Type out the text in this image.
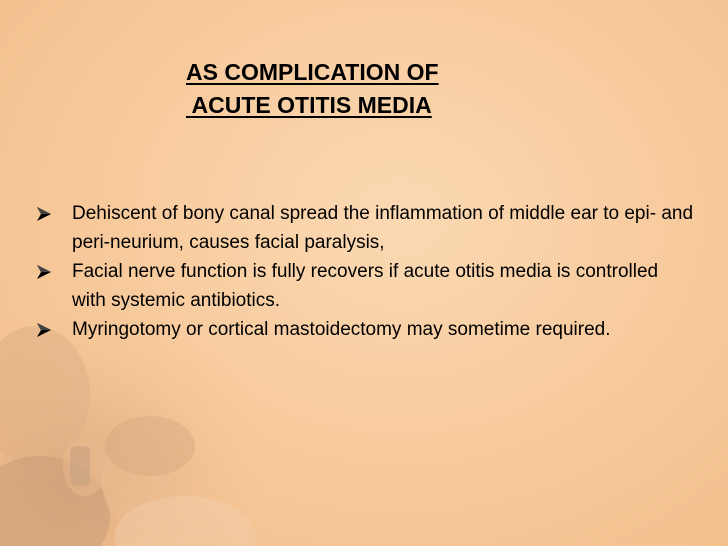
AS COMPLICATION OF
ACUTE OTITIS MEDIA
Dehiscent of bony canal spread the inflammation of middle ear to epi- and peri-neurium, causes facial paralysis,
Facial nerve function is fully recovers if acute otitis media is controlled with systemic antibiotics.
Myringotomy or cortical mastoidectomy may sometime required.
